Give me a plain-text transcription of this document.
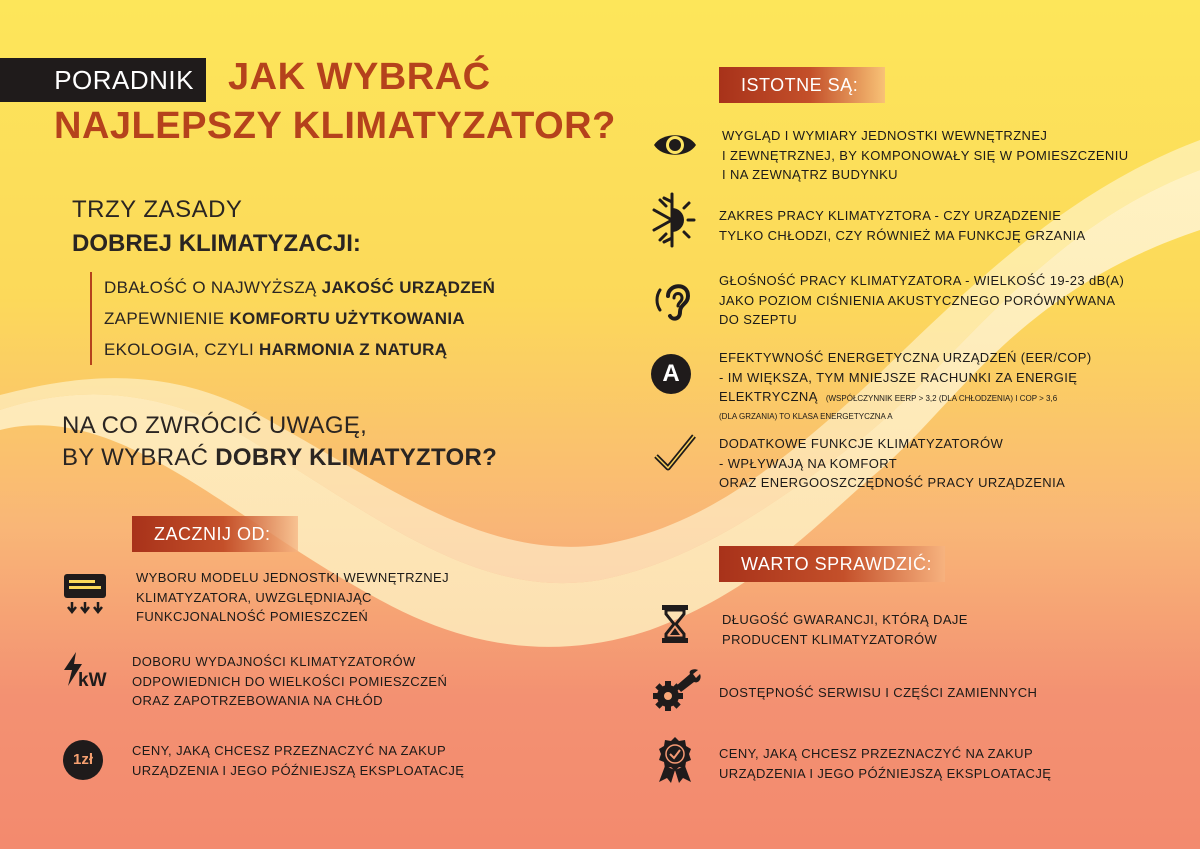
PORADNIK JAK WYBRAĆ
NAJLEPSZY KLIMATYZATOR?
TRZY ZASADY
DOBREJ KLIMATYZACJI:
DBAŁOŚĆ O NAJWYŻSZĄ JAKOŚĆ URZĄDZEŃ
ZAPEWNIENIE KOMFORTU UŻYTKOWANIA
EKOLOGIA, CZYLI HARMONIA Z NATURĄ
NA CO ZWRÓCIĆ UWAGĘ,
BY WYBRAĆ DOBRY KLIMATYZTOR?
ZACZNIJ OD:
WYBORU MODELU JEDNOSTKI WEWNĘTRZNEJ
KLIMATYZATORA, UWZGLĘDNIAJĄC
FUNKCJONALNOŚĆ POMIESZCZEŃ
kW
DOBORU WYDAJNOŚCI KLIMATYZATORÓW
ODPOWIEDNICH DO WIELKOŚCI POMIESZCZEŃ
ORAZ ZAPOTRZEBOWANIA NA CHŁÓD
1zł
CENY, JAKĄ CHCESZ PRZEZNACZYĆ NA ZAKUP
URZĄDZENIA I JEGO PÓŹNIEJSZĄ EKSPLOATACJĘ
ISTOTNE SĄ:
WYGLĄD I WYMIARY JEDNOSTKI WEWNĘTRZNEJ
I ZEWNĘTRZNEJ, BY KOMPONOWAŁY SIĘ W POMIESZCZENIU
I NA ZEWNĄTRZ BUDYNKU
ZAKRES PRACY KLIMATYZTORA - CZY URZĄDZENIE
TYLKO CHŁODZI, CZY RÓWNIEŻ MA FUNKCJĘ GRZANIA
GŁOŚNOŚĆ PRACY KLIMATYZATORA - WIELKOŚĆ 19-23 dB(A)
JAKO POZIOM CIŚNIENIA AKUSTYCZNEGO PORÓWNYWANA
DO SZEPTU
A
EFEKTYWNOŚĆ ENERGETYCZNA URZĄDZEŃ (EER/COP)
- IM WIĘKSZA, TYM MNIEJSZE RACHUNKI ZA ENERGIĘ
ELEKTRYCZNĄ (WSPÓŁCZYNNIK EERP > 3,2 (DLA CHŁODZENIA) I COP > 3,6
(DLA GRZANIA) TO KLASA ENERGETYCZNA A
DODATKOWE FUNKCJE KLIMATYZATORÓW
- WPŁYWAJĄ NA KOMFORT
ORAZ ENERGOOSZCZĘDNOŚĆ PRACY URZĄDZENIA
WARTO SPRAWDZIĆ:
DŁUGOŚĆ GWARANCJI, KTÓRĄ DAJE
PRODUCENT KLIMATYZATORÓW
DOSTĘPNOŚĆ SERWISU I CZĘŚCI ZAMIENNYCH
CENY, JAKĄ CHCESZ PRZEZNACZYĆ NA ZAKUP
URZĄDZENIA I JEGO PÓŹNIEJSZĄ EKSPLOATACJĘ
